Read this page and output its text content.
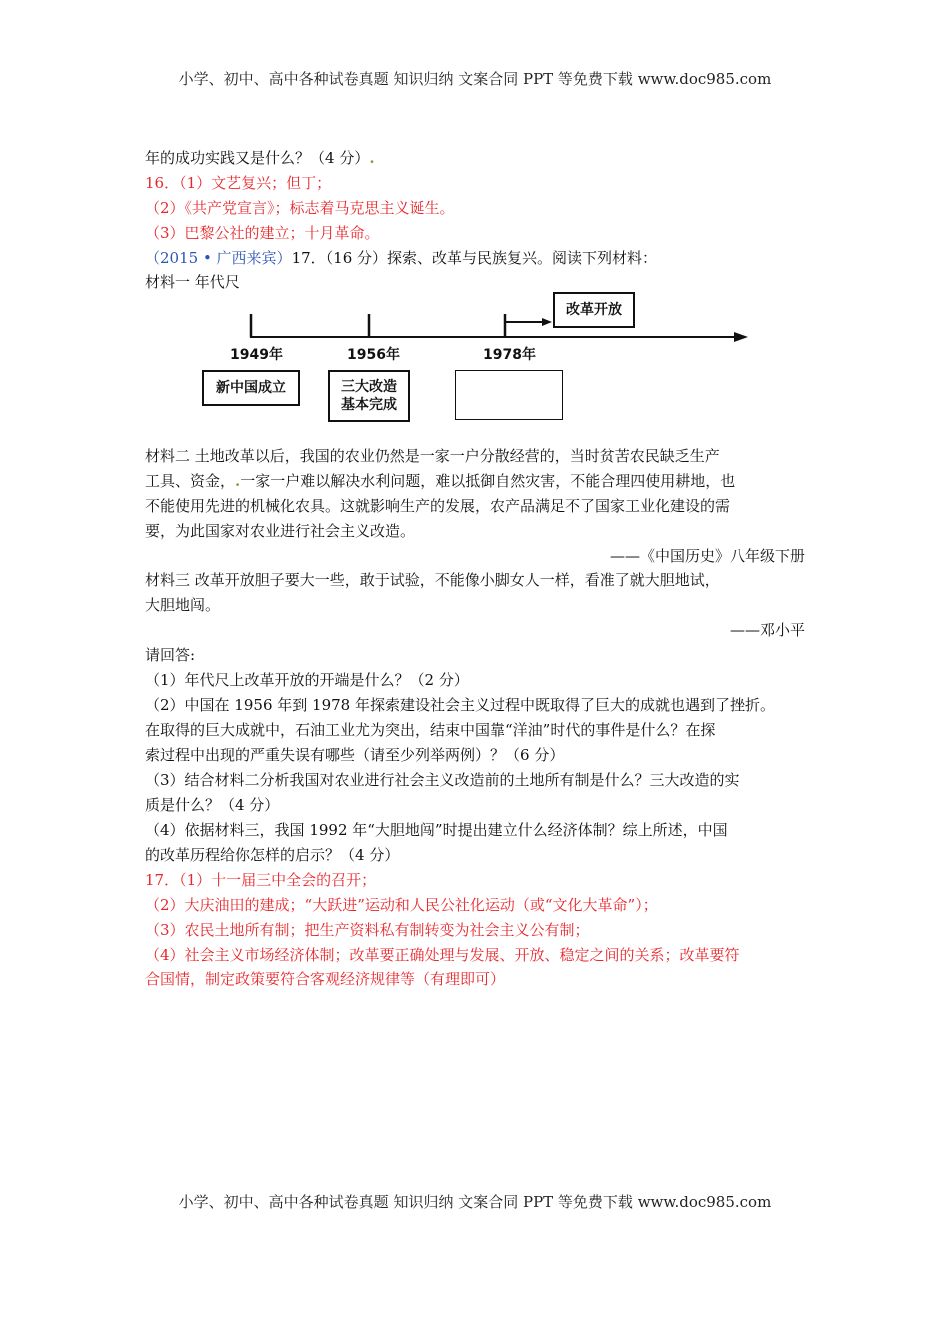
小学、初中、高中各种试卷真题 知识归纳 文案合同 PPT 等免费下载 www.doc985.com
年的成功实践又是什么？（4 分）.
16．（1）文艺复兴；但丁；
（2）《共产党宣言》；标志着马克思主义诞生。
（3）巴黎公社的建立；十月革命。
（2015 • 广西来宾）17．（16 分）探索、改革与民族复兴。阅读下列材料：
材料一 年代尺
改革开放
1949年	1956年	1978年
新中国成立	三大改造
基本完成
材料二 土地改革以后，我国的农业仍然是一家一户分散经营的，当时贫苦农民缺乏生产
工具、资金，.一家一户难以解决水利问题，难以抵御自然灾害，不能合理四使用耕地，也
不能使用先进的机械化农具。这就影响生产的发展，农产品满足不了国家工业化建设的需
要，为此国家对农业进行社会主义改造。
——《中国历史》八年级下册
材料三 改革开放胆子要大一些，敢于试验，不能像小脚女人一样，看准了就大胆地试，
大胆地闯。
——邓小平
请回答:
（1）年代尺上改革开放的开端是什么？（2 分）
（2）中国在 1956 年到 1978 年探索建设社会主义过程中既取得了巨大的成就也遇到了挫折。
在取得的巨大成就中，石油工业尤为突出，结束中国靠“洋油”时代的事件是什么？在探
索过程中出现的严重失误有哪些（请至少列举两例）？（6 分）
（3）结合材料二分析我国对农业进行社会主义改造前的土地所有制是什么？三大改造的实
质是什么？（4 分）
（4）依据材料三，我国 1992 年“大胆地闯”时提出建立什么经济体制？综上所述，中国
的改革历程给你怎样的启示？（4 分）
17．（1）十一届三中全会的召开；
（2）大庆油田的建成；“大跃进”运动和人民公社化运动（或“文化大革命”）；
（3）农民土地所有制；把生产资料私有制转变为社会主义公有制；
（4）社会主义市场经济体制；改革要正确处理与发展、开放、稳定之间的关系；改革要符
合国情，制定政策要符合客观经济规律等（有理即可）
小学、初中、高中各种试卷真题 知识归纳 文案合同 PPT 等免费下载 www.doc985.com
